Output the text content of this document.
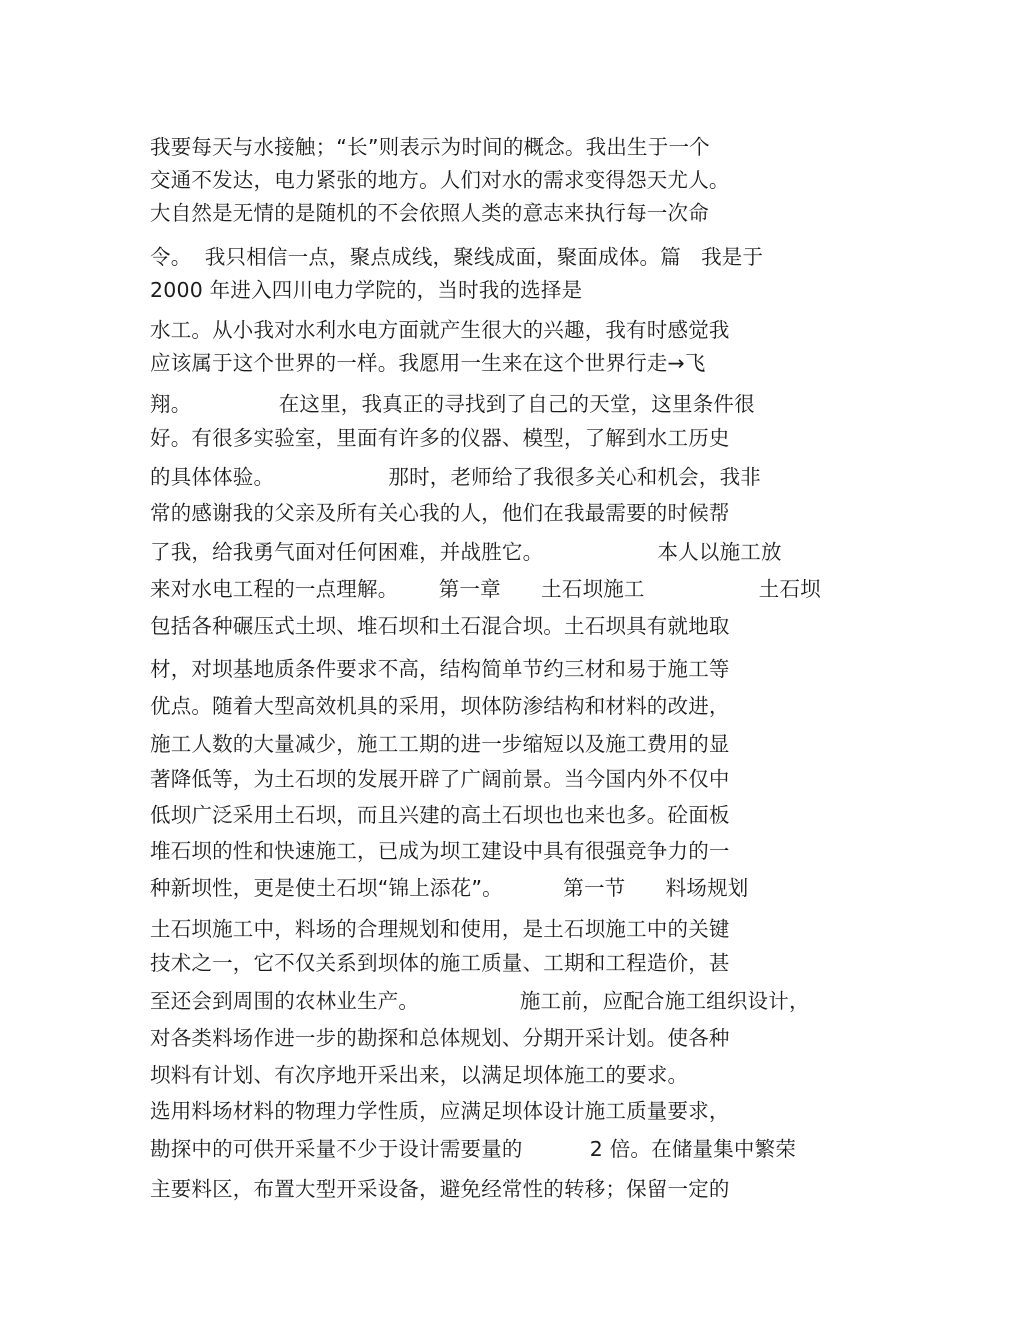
我要每天与水接触；“长”则表示为时间的概念。我出生于一个
交通不发达，电力紧张的地方。人们对水的需求变得怨天尤人。
大自然是无情的是随机的不会依照人类的意志来执行每一次命
令。  我只相信一点，聚点成线，聚线成面，聚面成体。篇   我是于
2000 年进入四川电力学院的，当时我的选择是
水工。从小我对水利水电方面就产生很大的兴趣，我有时感觉我
应该属于这个世界的一样。我愿用一生来在这个世界行走→飞
翔。             在这里，我真正的寻找到了自己的天堂，这里条件很
好。有很多实验室，里面有许多的仪器、模型，了解到水工历史
的具体体验。                 那时，老师给了我很多关心和机会，我非
常的感谢我的父亲及所有关心我的人，他们在我最需要的时候帮
了我，给我勇气面对任何困难，并战胜它。                 本人以施工放
来对水电工程的一点理解。      第一章      土石坝施工                 土石坝
包括各种碾压式土坝、堆石坝和土石混合坝。土石坝具有就地取
材，对坝基地质条件要求不高，结构简单节约三材和易于施工等
优点。随着大型高效机具的采用，坝体防渗结构和材料的改进，
施工人数的大量减少，施工工期的进一步缩短以及施工费用的显
著降低等，为土石坝的发展开辟了广阔前景。当今国内外不仅中
低坝广泛采用土石坝，而且兴建的高土石坝也也来也多。砼面板
堆石坝的性和快速施工，已成为坝工建设中具有很强竞争力的一
种新坝性，更是使土石坝“锦上添花”。         第一节      料场规划
土石坝施工中，料场的合理规划和使用，是土石坝施工中的关键
技术之一，它不仅关系到坝体的施工质量、工期和工程造价，甚
至还会到周围的农林业生产。               施工前，应配合施工组织设计，
对各类料场作进一步的勘探和总体规划、分期开采计划。使各种
坝料有计划、有次序地开采出来，以满足坝体施工的要求。
选用料场材料的物理力学性质，应满足坝体设计施工质量要求，
勘探中的可供开采量不少于设计需要量的          2 倍。在储量集中繁荣
主要料区，布置大型开采设备，避免经常性的转移；保留一定的
